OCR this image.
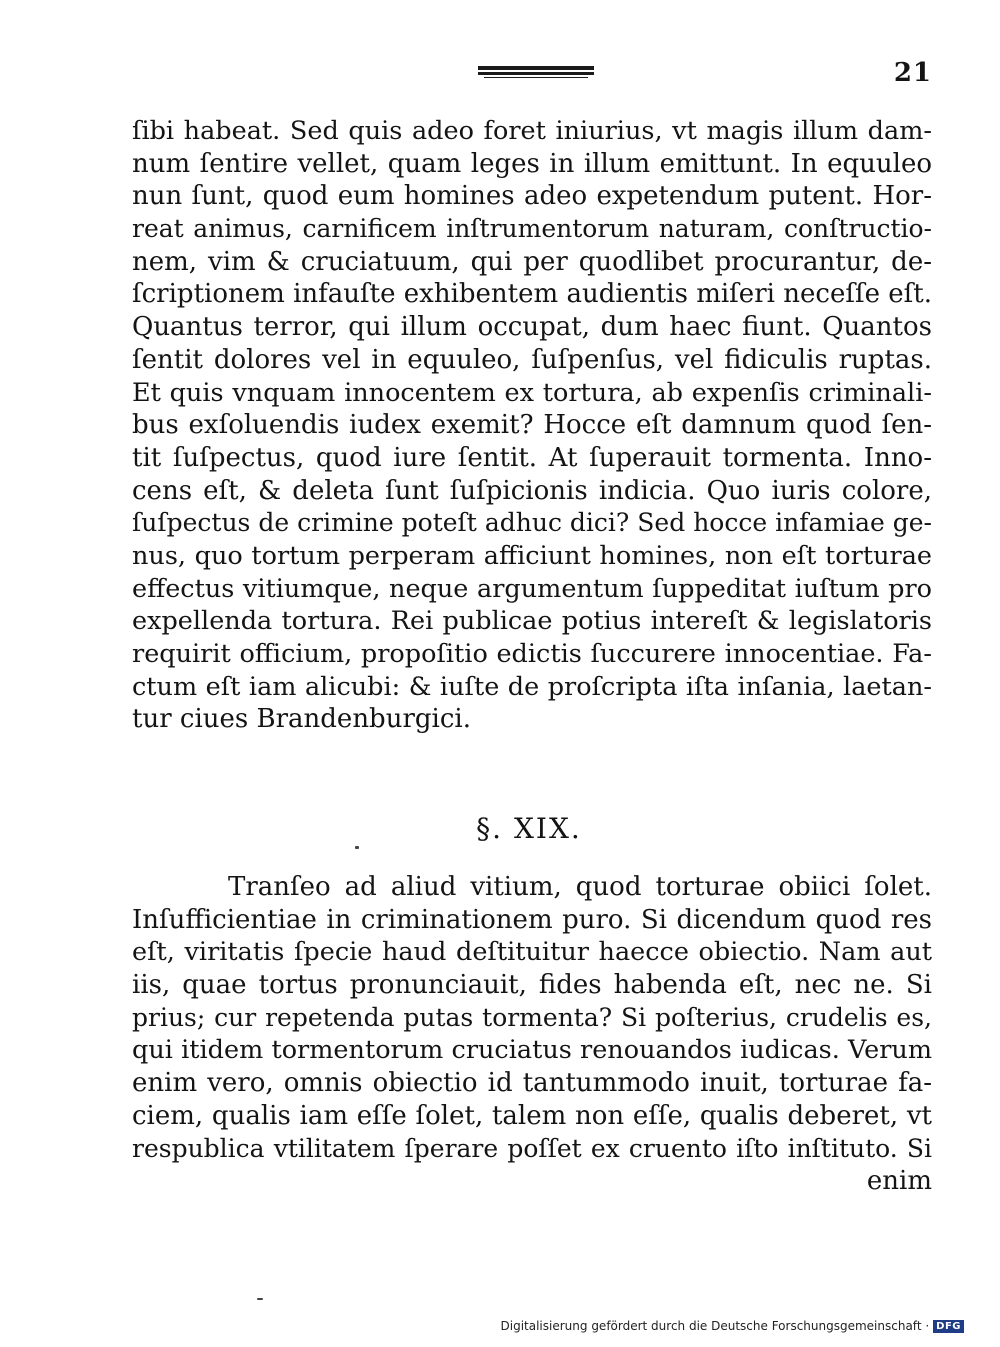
21
ſibi habeat. Sed quis adeo foret iniurius, vt magis illum dam-
num ſentire vellet, quam leges in illum emittunt. In equuleo
nun ſunt, quod eum homines adeo expetendum putent. Hor-
reat animus, carnificem inſtrumentorum naturam, conſtructio-
nem, vim & cruciatuum, qui per quodlibet procurantur, de-
ſcriptionem infauſte exhibentem audientis miſeri neceſſe eſt.
Quantus terror, qui illum occupat, dum haec fiunt. Quantos
ſentit dolores vel in equuleo, ſuſpenſus, vel fidiculis ruptas.
Et quis vnquam innocentem ex tortura, ab expenſis criminali-
bus exſoluendis iudex exemit? Hocce eſt damnum quod ſen-
tit ſuſpectus, quod iure ſentit. At ſuperauit tormenta. Inno-
cens eſt, & deleta ſunt ſuſpicionis indicia. Quo iuris colore,
ſuſpectus de crimine poteſt adhuc dici? Sed hocce infamiae ge-
nus, quo tortum perperam afficiunt homines, non eſt torturae
effectus vitiumque, neque argumentum ſuppeditat iuſtum pro
expellenda tortura. Rei publicae potius intereſt & legislatoris
requirit officium, propoſitio edictis ſuccurere innocentiae. Fa-
ctum eſt iam alicubi: & iuſte de proſcripta iſta inſania, laetan-
tur ciues Brandenburgici.
§. XIX.
Tranſeo ad aliud vitium, quod torturae obiici ſolet.
Inſufficientiae in criminationem puro. Si dicendum quod res
eſt, viritatis ſpecie haud deſtituitur haecce obiectio. Nam aut
iis, quae tortus pronunciauit, fides habenda eſt, nec ne. Si
prius; cur repetenda putas tormenta? Si poſterius, crudelis es,
qui itidem tormentorum cruciatus renouandos iudicas. Verum
enim vero, omnis obiectio id tantummodo inuit, torturae fa-
ciem, qualis iam eſſe ſolet, talem non eſſe, qualis deberet, vt
respublica vtilitatem ſperare poſſet ex cruento iſto inſtituto. Si
enim
Digitalisierung gefördert durch die Deutsche Forschungsgemeinschaft · DFG
